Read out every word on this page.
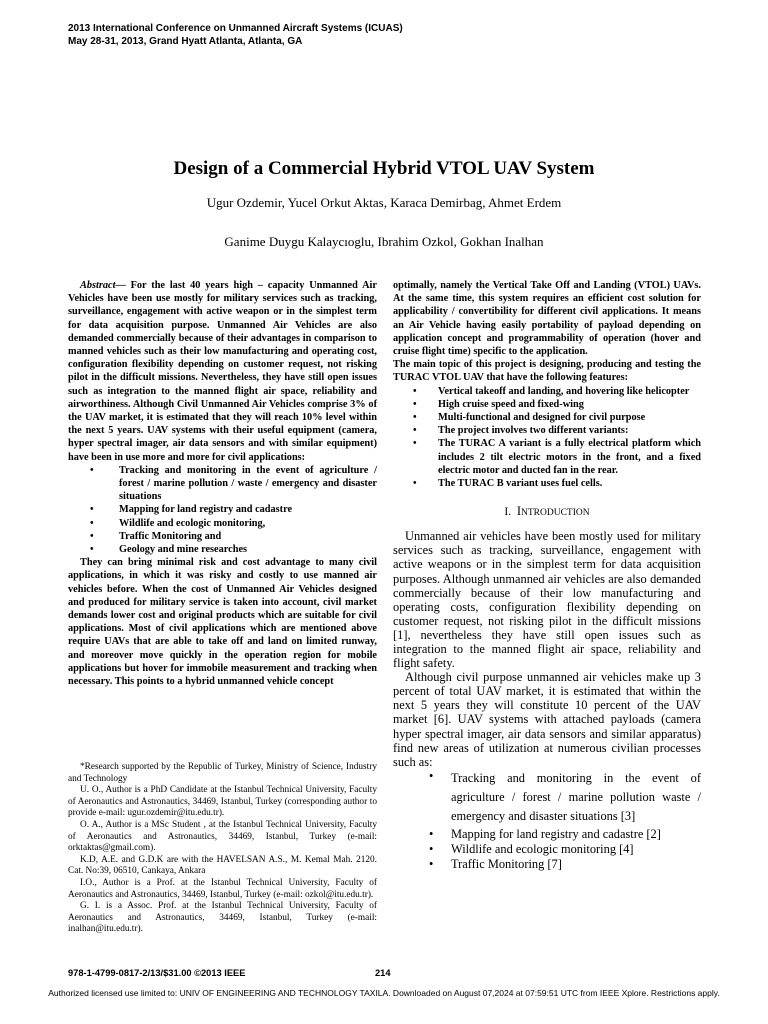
2013 International Conference on Unmanned Aircraft Systems (ICUAS)
May 28-31, 2013, Grand Hyatt Atlanta, Atlanta, GA
Design of a Commercial Hybrid VTOL UAV System
Ugur Ozdemir, Yucel Orkut Aktas, Karaca Demirbag, Ahmet Erdem
Ganime Duygu Kalaycıoglu, Ibrahim Ozkol, Gokhan Inalhan

Abstract— For the last 40 years high – capacity Unmanned Air Vehicles have been use mostly for military services such as tracking, surveillance, engagement with active weapon or in the simplest term for data acquisition purpose. Unmanned Air Vehicles are also demanded commercially because of their advantages in comparison to manned vehicles such as their low manufacturing and operating cost, configuration flexibility depending on customer request, not risking pilot in the difficult missions. Nevertheless, they have still open issues such as integration to the manned flight air space, reliability and airworthiness. Although Civil Unmanned Air Vehicles comprise 3% of the UAV market, it is estimated that they will reach 10% level within the next 5 years. UAV systems with their useful equipment (camera, hyper spectral imager, air data sensors and with similar equipment) have been in use more and more for civil applications:

• Tracking and monitoring in the event of agriculture / forest / marine pollution / waste / emergency and disaster situations
• Mapping for land registry and cadastre
• Wildlife and ecologic monitoring,
• Traffic Monitoring and
• Geology and mine researches

They can bring minimal risk and cost advantage to many civil applications, in which it was risky and costly to use manned air vehicles before. When the cost of Unmanned Air Vehicles designed and produced for military service is taken into account, civil market demands lower cost and original products which are suitable for civil applications. Most of civil applications which are mentioned above require UAVs that are able to take off and land on limited runway, and moreover move quickly in the operation region for mobile applications but hover for immobile measurement and tracking when necessary. This points to a hybrid unmanned vehicle concept

*Research supported by the Republic of Turkey, Ministry of Science, Industry and Technology

U. O., Author is a PhD Candidate at the Istanbul Technical University, Faculty of Aeronautics and Astronautics, 34469, Istanbul, Turkey (corresponding author to provide e-mail: ugur.ozdemir@itu.edu.tr).

O. A., Author is a MSc Student , at the Istanbul Technical University, Faculty of Aeronautics and Astronautics, 34469, Istanbul, Turkey (e-mail: orktaktas@gmail.com).

K.D, A.E. and G.D.K are with the HAVELSAN A.S., M. Kemal Mah. 2120. Cat. No:39, 06510, Cankaya, Ankara

I.O., Author is a Prof. at the Istanbul Technical University, Faculty of Aeronautics and Astronautics, 34469, Istanbul, Turkey (e-mail: ozkol@itu.edu.tr).

G. I. is a Assoc. Prof. at the Istanbul Technical University, Faculty of Aeronautics and Astronautics, 34469, Istanbul, Turkey (e-mail: inalhan@itu.edu.tr).

optimally, namely the Vertical Take Off and Landing (VTOL) UAVs. At the same time, this system requires an efficient cost solution for applicability / convertibility for different civil applications. It means an Air Vehicle having easily portability of payload depending on application concept and programmability of operation (hover and cruise flight time) specific to the application.

The main topic of this project is designing, producing and testing the TURAC VTOL UAV that have the following features:

• Vertical takeoff and landing, and hovering like helicopter
• High cruise speed and fixed-wing
• Multi-functional and designed for civil purpose
• The project involves two different variants:
• The TURAC A variant is a fully electrical platform which includes 2 tilt electric motors in the front, and a fixed electric motor and ducted fan in the rear.
• The TURAC B variant uses fuel cells.
I. INTRODUCTION

Unmanned air vehicles have been mostly used for military services such as tracking, surveillance, engagement with active weapons or in the simplest term for data acquisition purposes. Although unmanned air vehicles are also demanded commercially because of their low manufacturing and operating costs, configuration flexibility depending on customer request, not risking pilot in the difficult missions [1], nevertheless they have still open issues such as integration to the manned flight air space, reliability and flight safety.

Although civil purpose unmanned air vehicles make up 3 percent of total UAV market, it is estimated that within the next 5 years they will constitute 10 percent of the UAV market [6]. UAV systems with attached payloads (camera hyper spectral imager, air data sensors and similar apparatus) find new areas of utilization at numerous civilian processes such as:

• Tracking and monitoring in the event of agriculture / forest / marine pollution waste / emergency and disaster situations [3]
• Mapping for land registry and cadastre [2]
• Wildlife and ecologic monitoring [4]
• Traffic Monitoring [7]
978-1-4799-0817-2/13/$31.00 ©2013 IEEE	214
Authorized licensed use limited to: UNIV OF ENGINEERING AND TECHNOLOGY TAXILA. Downloaded on August 07,2024 at 07:59:51 UTC from IEEE Xplore. Restrictions apply.
